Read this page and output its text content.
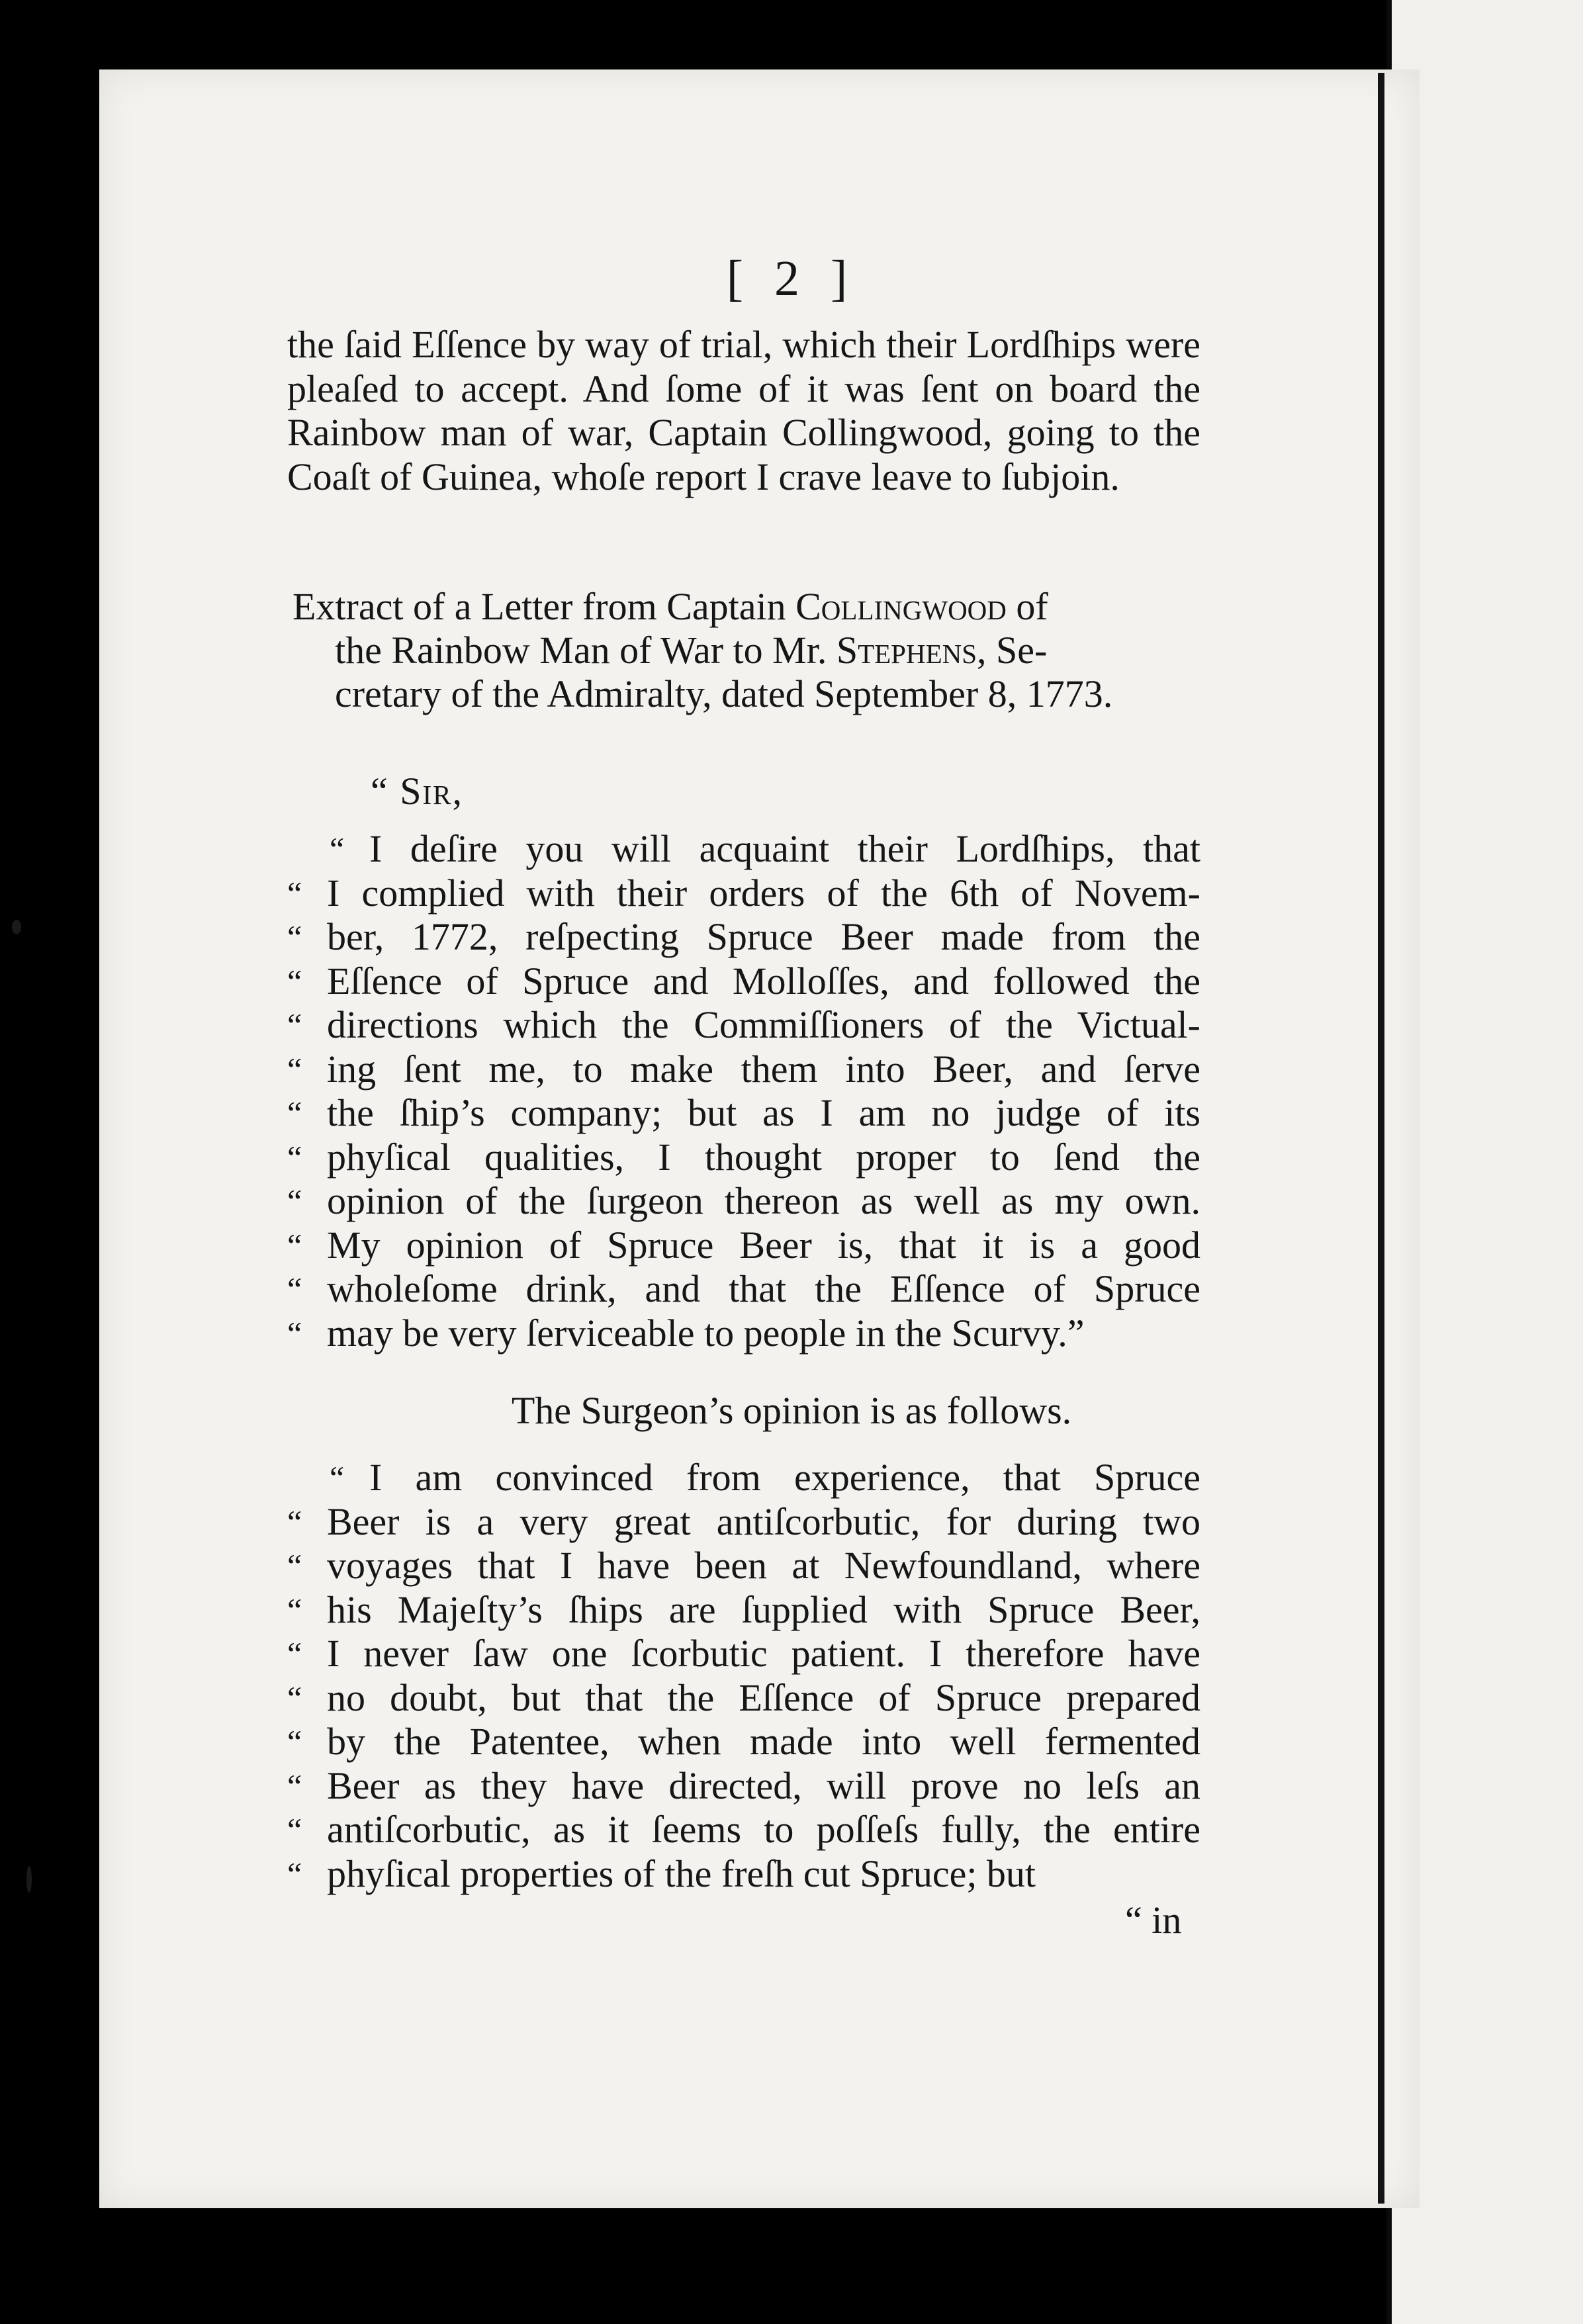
[ 2 ]
the ſaid Eſſence by way of trial, which their Lordſhips were pleaſed to accept. And ſome of it was ſent on board the Rainbow man of war, Captain Collingwood, going to the Coaſt of Guinea, whoſe report I crave leave to ſubjoin.
Extract of a Letter from Captain Collingwood of
the Rainbow Man of War to Mr. Stephens, Se-
cretary of the Admiralty, dated September 8, 1773.
“ Sir,
“ I deſire you will acquaint their Lordſhips, that
“ I complied with their orders of the 6th of Novem-
“ ber, 1772, reſpecting Spruce Beer made from the
“ Eſſence of Spruce and Molloſſes, and followed the
“ directions which the Commiſſioners of the Victual-
“ ing ſent me, to make them into Beer, and ſerve
“ the ſhip’s company; but as I am no judge of its
“ phyſical qualities, I thought proper to ſend the
“ opinion of the ſurgeon thereon as well as my own.
“ My opinion of Spruce Beer is, that it is a good
“ wholeſome drink, and that the Eſſence of Spruce
“ may be very ſerviceable to people in the Scurvy.”
The Surgeon’s opinion is as follows.
“ I am convinced from experience, that Spruce
“ Beer is a very great antiſcorbutic, for during two
“ voyages that I have been at Newfoundland, where
“ his Majeſty’s ſhips are ſupplied with Spruce Beer,
“ I never ſaw one ſcorbutic patient. I therefore have
“ no doubt, but that the Eſſence of Spruce prepared
“ by the Patentee, when made into well fermented
“ Beer as they have directed, will prove no leſs an
“ antiſcorbutic, as it ſeems to poſſeſs fully, the entire
“ phyſical properties of the freſh cut Spruce; but
“ in
